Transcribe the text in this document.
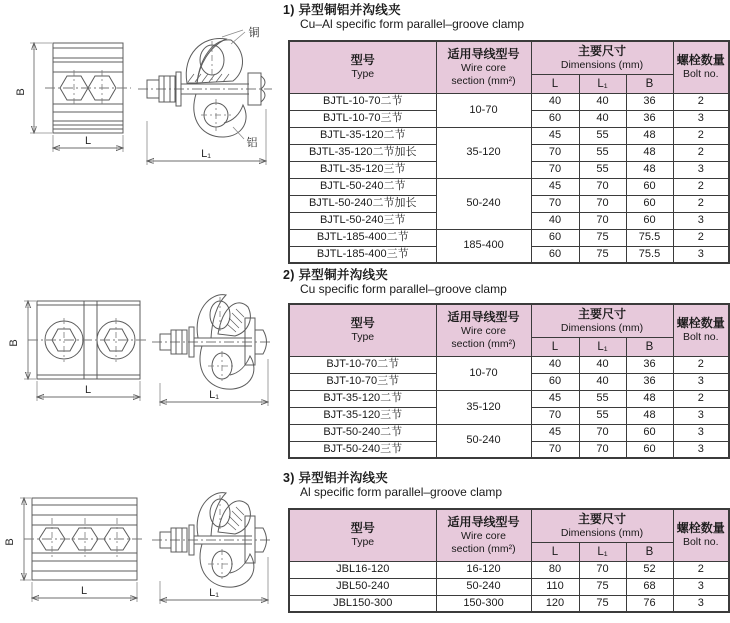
B
L
铜
铝
L₁
B
L	L₁
B
L	L₁
1) 异型铜铝并沟线夹
Cu–Al specific form parallel–groove clamp
型号
Type

适用导线型号
Wire core
section (mm²)

主要尺寸
Dimensions (mm)	螺栓数量
Bolt no.

		L	L₁	B	
BJTL-10-70二节	10-70	40	40	36	2
BJTL-10-70三节		60	40	36	3
BJTL-35-120二节	35-120	45	55	48	2
BJTL-35-120二节加长		70	55	48	2
BJTL-35-120三节		70	55	48	3
BJTL-50-240二节	50-240	45	70	60	2
BJTL-50-240二节加长		70	70	60	2
BJTL-50-240三节		40	70	60	3
BJTL-185-400二节	185-400	60	75	75.5	2
BJTL-185-400三节		60	75	75.5	3
2) 异型铜并沟线夹
Cu specific form parallel–groove clamp
型号
Type

适用导线型号
Wire core
section (mm²)

主要尺寸
Dimensions (mm)	螺栓数量
Bolt no.

		L	L₁	B	
BJT-10-70二节	10-70	40	40	36	2
BJT-10-70三节		60	40	36	3
BJT-35-120二节	35-120	45	55	48	2
BJT-35-120三节		70	55	48	3
BJT-50-240二节	50-240	45	70	60	3
BJT-50-240三节		70	70	60	3
3) 异型铝并沟线夹
Al specific form parallel–groove clamp
型号
Type

适用导线型号
Wire core
section (mm²)

主要尺寸
Dimensions (mm)	螺栓数量
Bolt no.

		L	L₁	B	
JBL16-120	16-120	80	70	52	2
JBL50-240	50-240	110	75	68	3
JBL150-300	150-300	120	75	76	3
